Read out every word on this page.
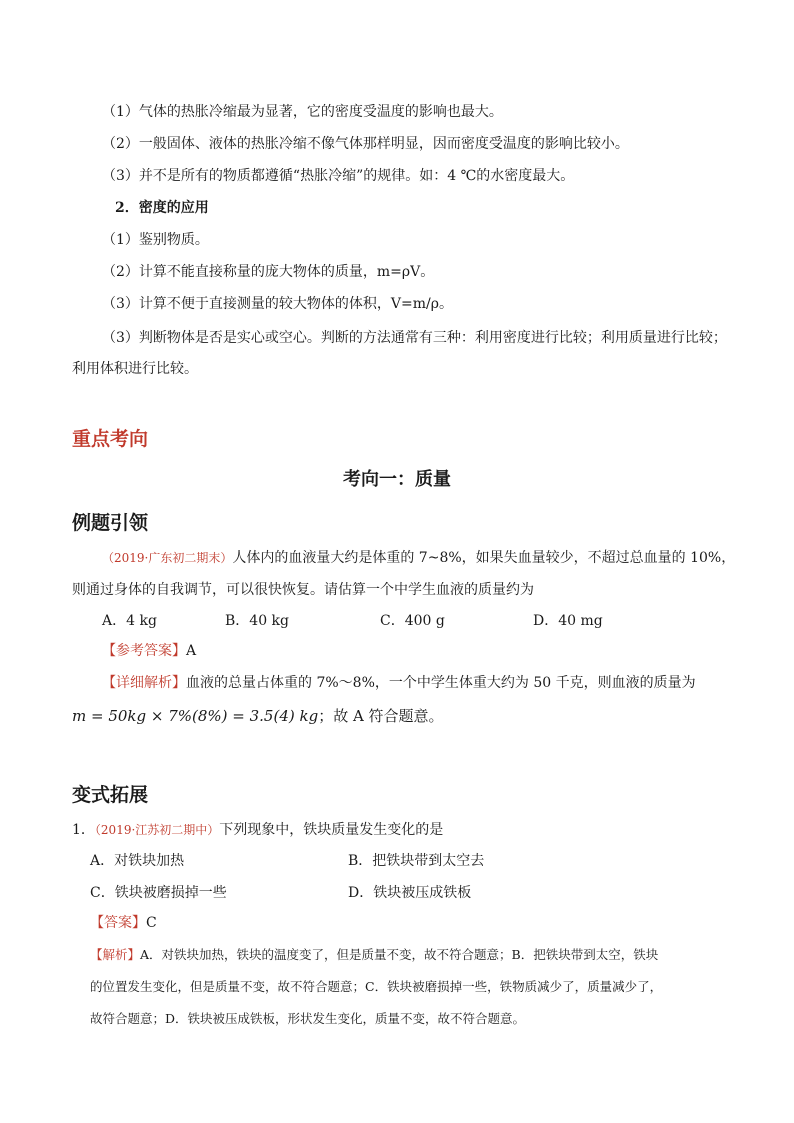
（1）气体的热胀冷缩最为显著，它的密度受温度的影响也最大。
（2）一般固体、液体的热胀冷缩不像气体那样明显，因而密度受温度的影响比较小。
（3）并不是所有的物质都遵循“热胀冷缩”的规律。如：4 ℃的水密度最大。
2．密度的应用
（1）鉴别物质。
（2）计算不能直接称量的庞大物体的质量，m=ρV。
（3）计算不便于直接测量的较大物体的体积，V=m/ρ。
（3）判断物体是否是实心或空心。判断的方法通常有三种：利用密度进行比较；利用质量进行比较；
利用体积进行比较。
重点考向
考向一：质量
例题引领
（2019·广东初二期末）人体内的血液量大约是体重的 7~8%，如果失血量较少，不超过总血量的 10%，
则通过身体的自我调节，可以很快恢复。请估算一个中学生血液的质量约为
A．4 kg	B．40 kg	C．400 g	D．40 mg
【参考答案】A
【详细解析】血液的总量占体重的 7%～8%，一个中学生体重大约为 50 千克，则血液的质量为
m = 50kg × 7%(8%) = 3.5(4) kg；故 A 符合题意。
变式拓展
1．（2019·江苏初二期中）下列现象中，铁块质量发生变化的是
A．对铁块加热	B．把铁块带到太空去
C．铁块被磨损掉一些	D．铁块被压成铁板
【答案】C
【解析】A．对铁块加热，铁块的温度变了，但是质量不变，故不符合题意；B．把铁块带到太空，铁块
的位置发生变化，但是质量不变，故不符合题意；C．铁块被磨损掉一些，铁物质减少了，质量减少了，
故符合题意；D．铁块被压成铁板，形状发生变化，质量不变，故不符合题意。
